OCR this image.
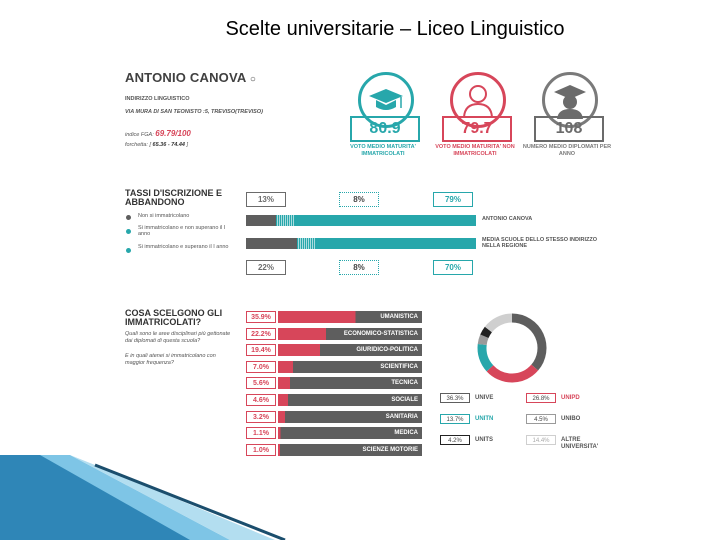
Scelte universitarie – Liceo Linguistico
ANTONIO CANOVA ○
INDIRIZZO LINGUISTICO
VIA MURA DI SAN TEONISTO :5, TREVISO(TREVISO)
indice FGA: 69.79/100
forchetta: [ 65.36 - 74.44 ]
80.9	79.7	108
VOTO MEDIO MATURITA' IMMATRICOLATI
VOTO MEDIO MATURITA' NON IMMATRICOLATI
NUMERO MEDIO DIPLOMATI PER ANNO
TASSI D'ISCRIZIONE E
ABBANDONO
Non si immatricolano
Si immatricolano e non superano il I anno
Si immatricolano e superano il I anno
13%	8%	79%
ANTONIO CANOVA
MEDIA SCUOLE DELLO STESSO INDIRIZZO NELLA REGIONE
22%	8%	70%
COSA SCELGONO GLI
IMMATRICOLATI?
Quali sono le aree disciplinari più gettonate dai diplomati di questa scuola?
E in quali atenei si immatricolano con maggior frequenza?
35.9%	UMANISTICA
22.2%	ECONOMICO-STATISTICA
19.4%	GIURIDICO-POLITICA
7.0%	SCIENTIFICA
5.6%	TECNICA
4.6%	SOCIALE
3.2%	SANITARIA
1.1%	MEDICA
1.0%	SCIENZE MOTORIE
36.3%	UNIVE	26.8%	UNIPD
13.7%	UNITN	4.5%	UNIBO
4.2%	UNITS	14.4%	ALTRE UNIVERSITA'
